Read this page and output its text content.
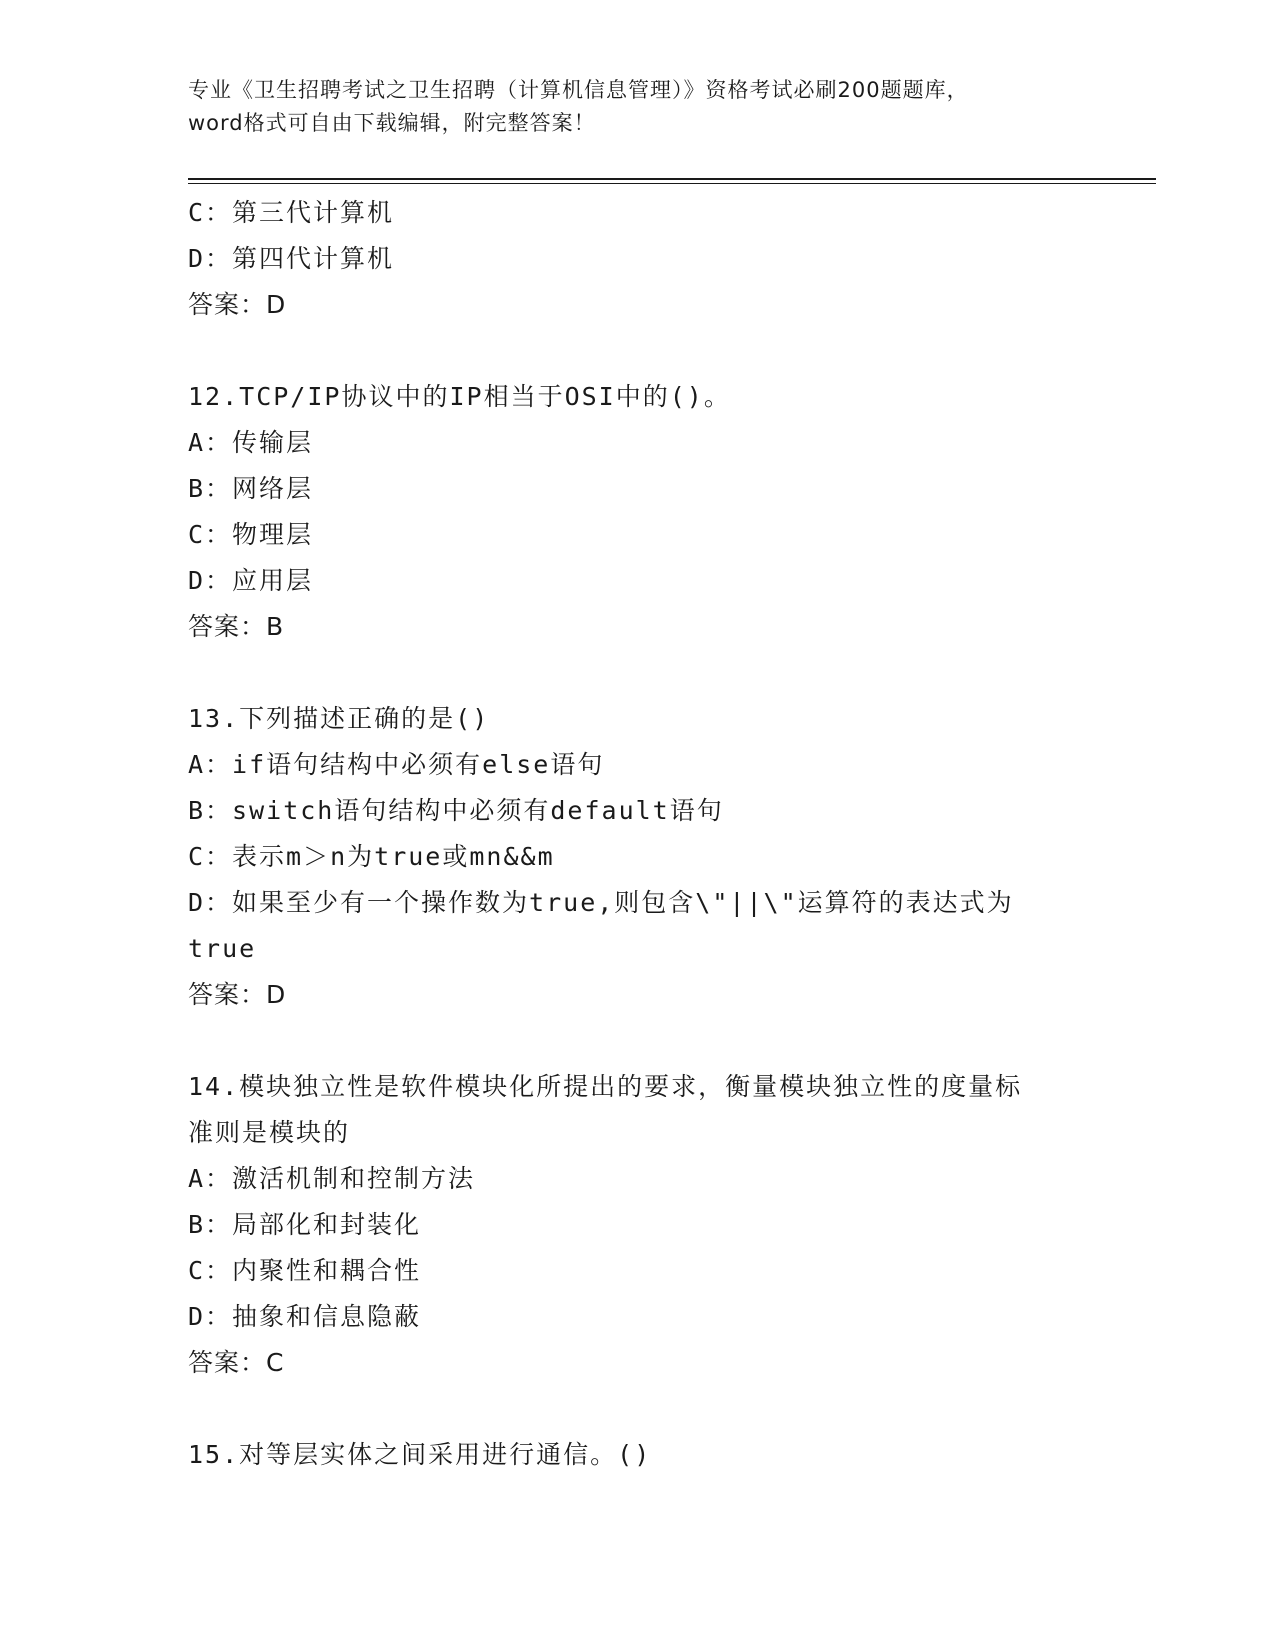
专业《卫生招聘考试之卫生招聘（计算机信息管理）》资格考试必刷200题题库，
word格式可自由下载编辑，附完整答案！
C：第三代计算机
D：第四代计算机
答案：D
12.TCP/IP协议中的IP相当于OSI中的()。
A：传输层
B：网络层
C：物理层
D：应用层
答案：B
13.下列描述正确的是()
A：if语句结构中必须有else语句
B：switch语句结构中必须有default语句
C：表示m＞n为true或mn&&m
D：如果至少有一个操作数为true,则包含\"||\"运算符的表达式为
true
答案：D
14.模块独立性是软件模块化所提出的要求，衡量模块独立性的度量标
准则是模块的
A：激活机制和控制方法
B：局部化和封装化
C：内聚性和耦合性
D：抽象和信息隐蔽
答案：C
15.对等层实体之间采用进行通信。()
